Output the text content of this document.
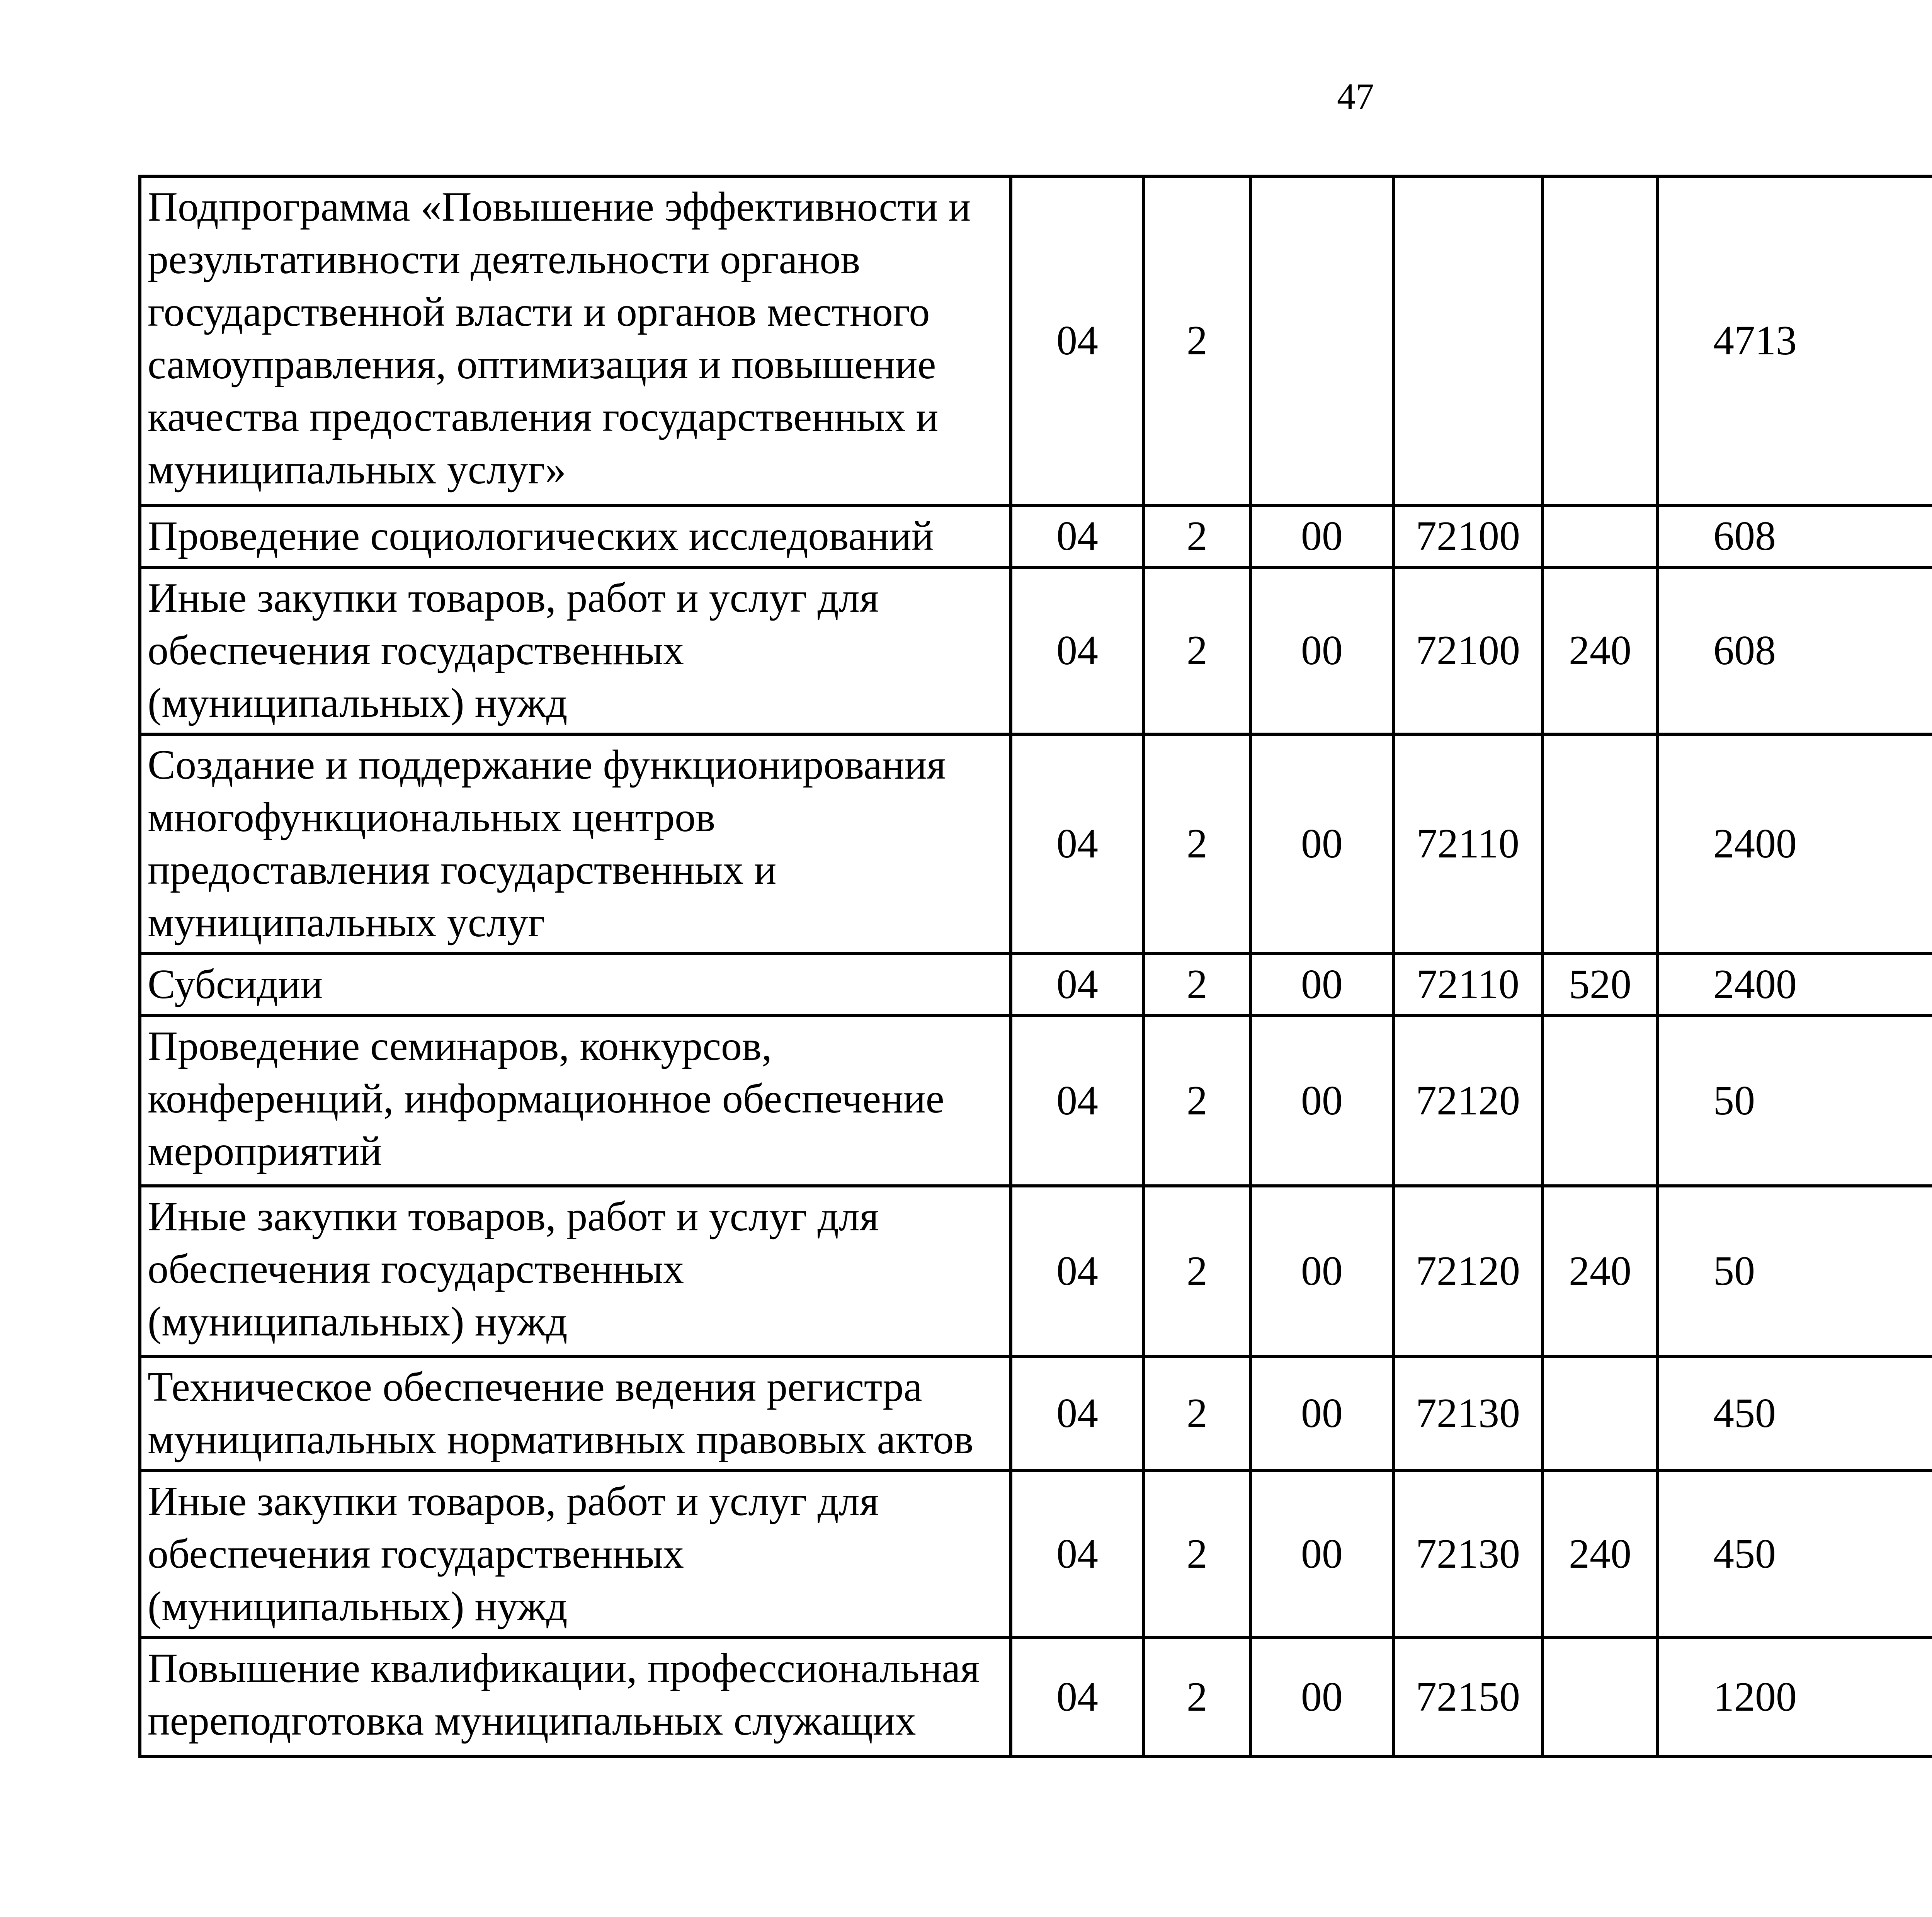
47
Подпрограмма «Повышение эффективности и результативности деятельности органов государственной власти и органов местного самоуправления, оптимизация и повышение качества предоставления государственных и муниципальных услуг»	04	2				4713		
Проведение социологических исследований	04	2	00	72100		608		
Иные закупки товаров, работ и услуг для обеспечения государственных (муниципальных) нужд	04	2	00	72100	240	608		
Создание и поддержание функционирования многофункциональных центров предоставления государственных и муниципальных услуг	04	2	00	72110		2400		
Субсидии	04	2	00	72110	520	2400		
Проведение семинаров, конкурсов, конференций, информационное обеспечение мероприятий	04	2	00	72120		50		
Иные закупки товаров, работ и услуг для обеспечения государственных (муниципальных) нужд	04	2	00	72120	240	50		
Техническое обеспечение ведения регистра муниципальных нормативных правовых актов	04	2	00	72130		450		
Иные закупки товаров, работ и услуг для обеспечения государственных (муниципальных) нужд	04	2	00	72130	240	450		
Повышение квалификации, профессиональная переподготовка муниципальных служащих	04	2	00	72150		1200		
